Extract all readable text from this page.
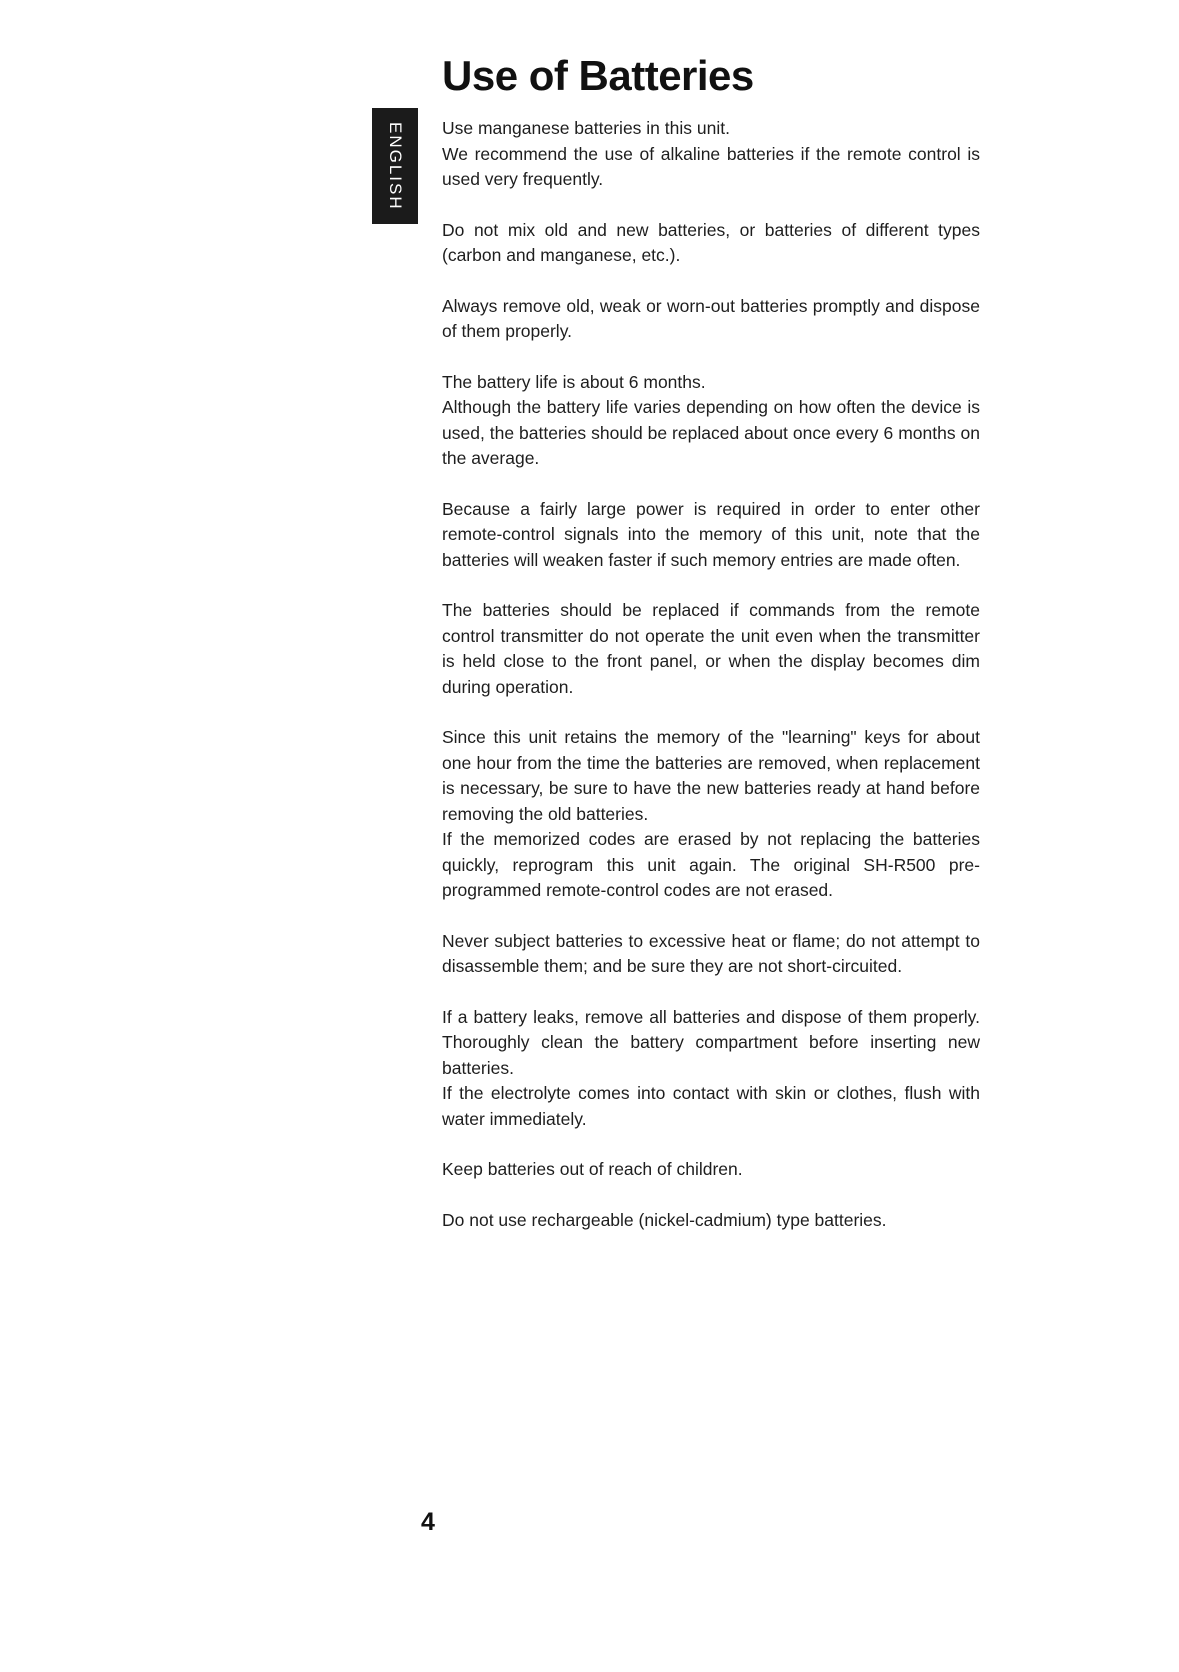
ENGLISH
Use of Batteries

Use manganese batteries in this unit.

We recommend the use of alkaline batteries if the remote control is used very frequently.

Do not mix old and new batteries, or batteries of different types (carbon and manganese, etc.).

Always remove old, weak or worn-out batteries promptly and dispose of them properly.

The battery life is about 6 months.

Although the battery life varies depending on how often the device is used, the batteries should be replaced about once every 6 months on the average.

Because a fairly large power is required in order to enter other remote-control signals into the memory of this unit, note that the batteries will weaken faster if such memory entries are made often.

The batteries should be replaced if commands from the remote control transmitter do not operate the unit even when the transmitter is held close to the front panel, or when the display becomes dim during operation.

Since this unit retains the memory of the "learning" keys for about one hour from the time the batteries are removed, when replacement is necessary, be sure to have the new batteries ready at hand before removing the old batteries.

If the memorized codes are erased by not replacing the batteries quickly, reprogram this unit again. The original SH-R500 pre-programmed remote-control codes are not erased.

Never subject batteries to excessive heat or flame; do not attempt to disassemble them; and be sure they are not short-circuited.

If a battery leaks, remove all batteries and dispose of them properly. Thoroughly clean the battery compartment before inserting new batteries.

If the electrolyte comes into contact with skin or clothes, flush with water immediately.

Keep batteries out of reach of children.

Do not use rechargeable (nickel-cadmium) type batteries.

4
